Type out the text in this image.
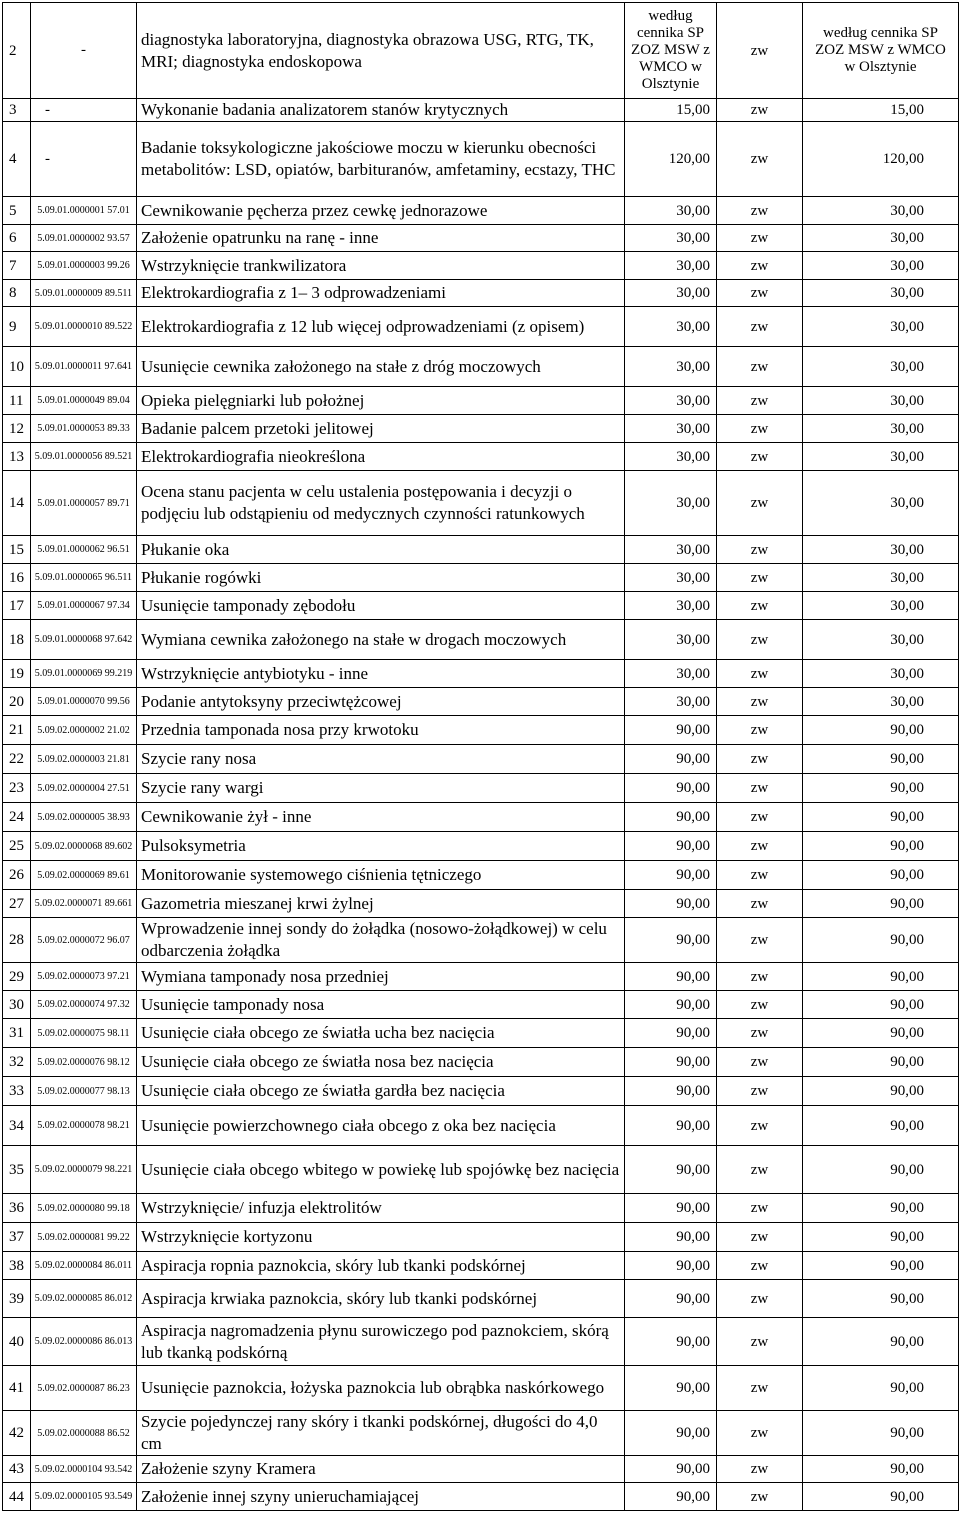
2	-	diagnostyka laboratoryjna, diagnostyka obrazowa USG, RTG, TK, MRI; diagnostyka endoskopowa	według cennika SP ZOZ MSW z WMCO w Olsztynie	zw	według cennika SP ZOZ MSW z WMCO w Olsztynie
3	-	Wykonanie badania analizatorem stanów krytycznych	15,00	zw	15,00
4	-	Badanie toksykologiczne jakościowe moczu w kierunku obecności metabolitów: LSD, opiatów, barbituranów, amfetaminy, ecstazy, THC	120,00	zw	120,00
5	5.09.01.0000001 57.01	Cewnikowanie pęcherza przez cewkę jednorazowe	30,00	zw	30,00
6	5.09.01.0000002 93.57	Założenie opatrunku na ranę - inne	30,00	zw	30,00
7	5.09.01.0000003 99.26	Wstrzyknięcie trankwilizatora	30,00	zw	30,00
8	5.09.01.0000009 89.511	Elektrokardiografia z 1– 3 odprowadzeniami	30,00	zw	30,00
9	5.09.01.0000010 89.522	Elektrokardiografia z 12 lub więcej odprowadzeniami (z opisem)	30,00	zw	30,00
10	5.09.01.0000011 97.641	Usunięcie cewnika założonego na stałe z dróg moczowych	30,00	zw	30,00
11	5.09.01.0000049 89.04	Opieka pielęgniarki lub położnej	30,00	zw	30,00
12	5.09.01.0000053 89.33	Badanie palcem przetoki jelitowej	30,00	zw	30,00
13	5.09.01.0000056 89.521	Elektrokardiografia nieokreślona	30,00	zw	30,00
14	5.09.01.0000057 89.71	Ocena stanu pacjenta w celu ustalenia postępowania i decyzji o podjęciu lub odstąpieniu od medycznych czynności ratunkowych	30,00	zw	30,00
15	5.09.01.0000062 96.51	Płukanie oka	30,00	zw	30,00
16	5.09.01.0000065 96.511	Płukanie rogówki	30,00	zw	30,00
17	5.09.01.0000067 97.34	Usunięcie tamponady zębodołu	30,00	zw	30,00
18	5.09.01.0000068 97.642	Wymiana cewnika założonego na stałe w drogach moczowych	30,00	zw	30,00
19	5.09.01.0000069 99.219	Wstrzyknięcie antybiotyku - inne	30,00	zw	30,00
20	5.09.01.0000070 99.56	Podanie antytoksyny przeciwtężcowej	30,00	zw	30,00
21	5.09.02.0000002 21.02	Przednia tamponada nosa przy krwotoku	90,00	zw	90,00
22	5.09.02.0000003 21.81	Szycie rany nosa	90,00	zw	90,00
23	5.09.02.0000004 27.51	Szycie rany wargi	90,00	zw	90,00
24	5.09.02.0000005 38.93	Cewnikowanie żył - inne	90,00	zw	90,00
25	5.09.02.0000068 89.602	Pulsoksymetria	90,00	zw	90,00
26	5.09.02.0000069 89.61	Monitorowanie systemowego ciśnienia tętniczego	90,00	zw	90,00
27	5.09.02.0000071 89.661	Gazometria mieszanej krwi żylnej	90,00	zw	90,00
28	5.09.02.0000072 96.07	Wprowadzenie innej sondy do żołądka (nosowo-żołądkowej) w celu odbarczenia żołądka	90,00	zw	90,00
29	5.09.02.0000073 97.21	Wymiana tamponady nosa przedniej	90,00	zw	90,00
30	5.09.02.0000074 97.32	Usunięcie tamponady nosa	90,00	zw	90,00
31	5.09.02.0000075 98.11	Usunięcie ciała obcego ze światła ucha bez nacięcia	90,00	zw	90,00
32	5.09.02.0000076 98.12	Usunięcie ciała obcego ze światła nosa bez nacięcia	90,00	zw	90,00
33	5.09.02.0000077 98.13	Usunięcie ciała obcego ze światła gardła bez nacięcia	90,00	zw	90,00
34	5.09.02.0000078 98.21	Usunięcie powierzchownego ciała obcego z oka bez nacięcia	90,00	zw	90,00
35	5.09.02.0000079 98.221	Usunięcie ciała obcego wbitego w powiekę lub spojówkę bez nacięcia	90,00	zw	90,00
36	5.09.02.0000080 99.18	Wstrzyknięcie/ infuzja elektrolitów	90,00	zw	90,00
37	5.09.02.0000081 99.22	Wstrzyknięcie kortyzonu	90,00	zw	90,00
38	5.09.02.0000084 86.011	Aspiracja ropnia paznokcia, skóry lub tkanki podskórnej	90,00	zw	90,00
39	5.09.02.0000085 86.012	Aspiracja krwiaka paznokcia, skóry lub tkanki podskórnej	90,00	zw	90,00
40	5.09.02.0000086 86.013	Aspiracja nagromadzenia płynu surowiczego pod paznokciem, skórą lub tkanką podskórną	90,00	zw	90,00
41	5.09.02.0000087 86.23	Usunięcie paznokcia, łożyska paznokcia lub obrąbka naskórkowego	90,00	zw	90,00
42	5.09.02.0000088 86.52	Szycie pojedynczej rany skóry i tkanki podskórnej, długości do 4,0 cm	90,00	zw	90,00
43	5.09.02.0000104 93.542	Założenie szyny Kramera	90,00	zw	90,00
44	5.09.02.0000105 93.549	Założenie innej szyny unieruchamiającej	90,00	zw	90,00
